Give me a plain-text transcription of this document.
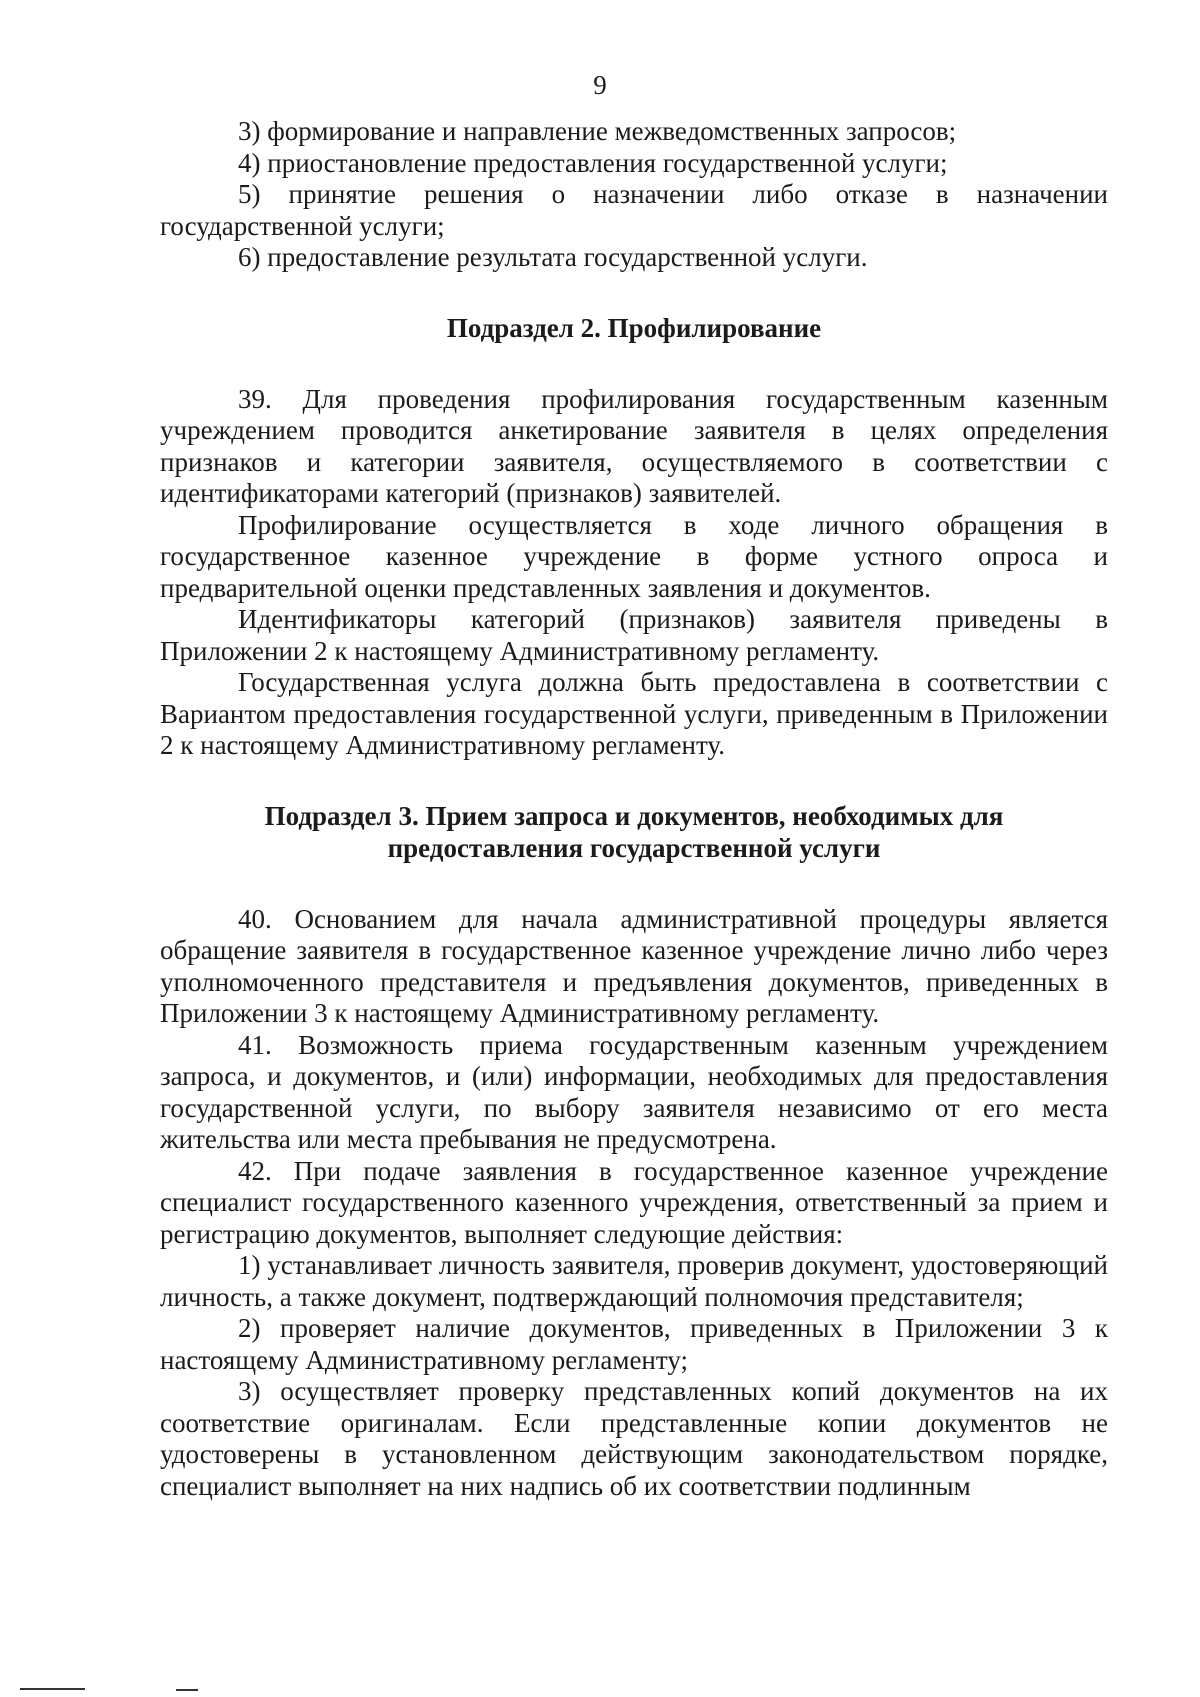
9

3) формирование и направление межведомственных запросов;

4) приостановление предоставления государственной услуги;

5) принятие решения о назначении либо отказе в назначении государственной услуги;

6) предоставление результата государственной услуги.

Подраздел 2. Профилирование

39. Для проведения профилирования государственным казенным учреждением проводится анкетирование заявителя в целях определения признаков и категории заявителя, осуществляемого в соответствии с идентификаторами категорий (признаков) заявителей.

Профилирование осуществляется в ходе личного обращения в государственное казенное учреждение в форме устного опроса и предварительной оценки представленных заявления и документов.

Идентификаторы категорий (признаков) заявителя приведены в Приложении 2 к настоящему Административному регламенту.

Государственная услуга должна быть предоставлена в соответствии с Вариантом предоставления государственной услуги, приведенным в Приложении 2 к настоящему Административному регламенту.

Подраздел 3. Прием запроса и документов, необходимых для
предоставления государственной услуги

40. Основанием для начала административной процедуры является обращение заявителя в государственное казенное учреждение лично либо через уполномоченного представителя и предъявления документов, приведенных в Приложении 3 к настоящему Административному регламенту.

41. Возможность приема государственным казенным учреждением запроса, и документов, и (или) информации, необходимых для предоставления государственной услуги, по выбору заявителя независимо от его места жительства или места пребывания не предусмотрена.

42. При подаче заявления в государственное казенное учреждение специалист государственного казенного учреждения, ответственный за прием и регистрацию документов, выполняет следующие действия:

1) устанавливает личность заявителя, проверив документ, удостоверяющий личность, а также документ, подтверждающий полномочия представителя;

2) проверяет наличие документов, приведенных в Приложении 3 к настоящему Административному регламенту;

3) осуществляет проверку представленных копий документов на их соответствие оригиналам. Если представленные копии документов не удостоверены в установленном действующим законодательством порядке, специалист выполняет на них надпись об их соответствии подлинным
